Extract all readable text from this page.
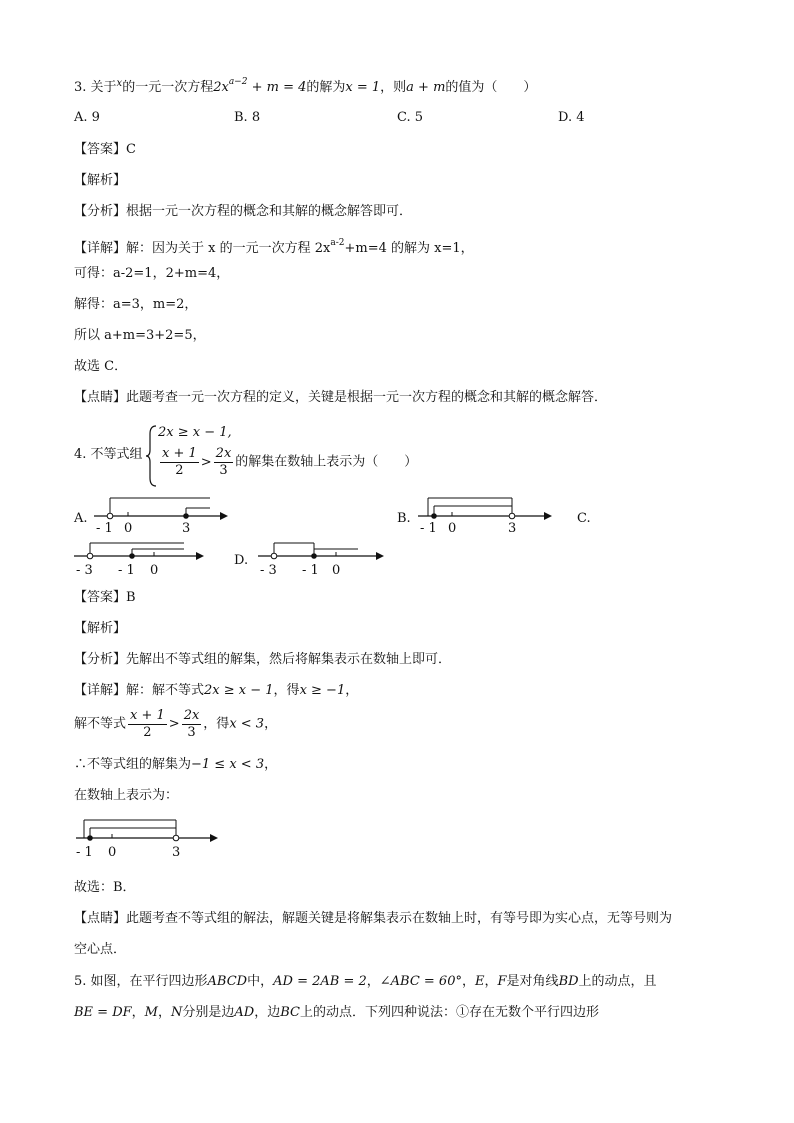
3. 关于$^x$的一元一次方程$2x^{a-2} + m = 4$的解为x = 1，则a + m的值为（　　）
A. 9	B. 8	C. 5	D. 4
【答案】C
【解析】
【分析】根据一元一次方程的概念和其解的概念解答即可．
【详解】解：因为关于 x 的一元一次方程 $2x^{a-2}+m=4$ 的解为 x=1，
可得：a-2=1，2+m=4，
解得：a=3，m=2，
所以 a+m=3+2=5，
故选 C．
【点睛】此题考查一元一次方程的定义，关键是根据一元一次方程的概念和其解的概念解答．
4. 不等式组
2x ≥ x − 1,
$\frac{x + 1}{2} > \frac{2x}{3}$ 的解集在数轴上表示为（　　）
A.	B.	C.
D.
- 1 0	3	- 1 0	3
- 3 - 1 0	- 3 - 1 0
【答案】B
【解析】
【分析】先解出不等式组的解集，然后将解集表示在数轴上即可．
【详解】解：解不等式2x ≥ x − 1，得x ≥ −1，
解不等式 $\frac{x + 1}{2} > \frac{2x}{3}$ ，得x < 3，
∴不等式组的解集为−1 ≤ x < 3，
在数轴上表示为：
- 1 0	3
故选：B．
【点睛】此题考查不等式组的解法，解题关键是将解集表示在数轴上时，有等号即为实心点，无等号则为
空心点．
5. 如图，在平行四边形ABCD中，AD = 2AB = 2，∠ABC = 60°，E，F是对角线BD上的动点，且
BE = DF，M，N分别是边AD，边BC上的动点．下列四种说法：①存在无数个平行四边形
